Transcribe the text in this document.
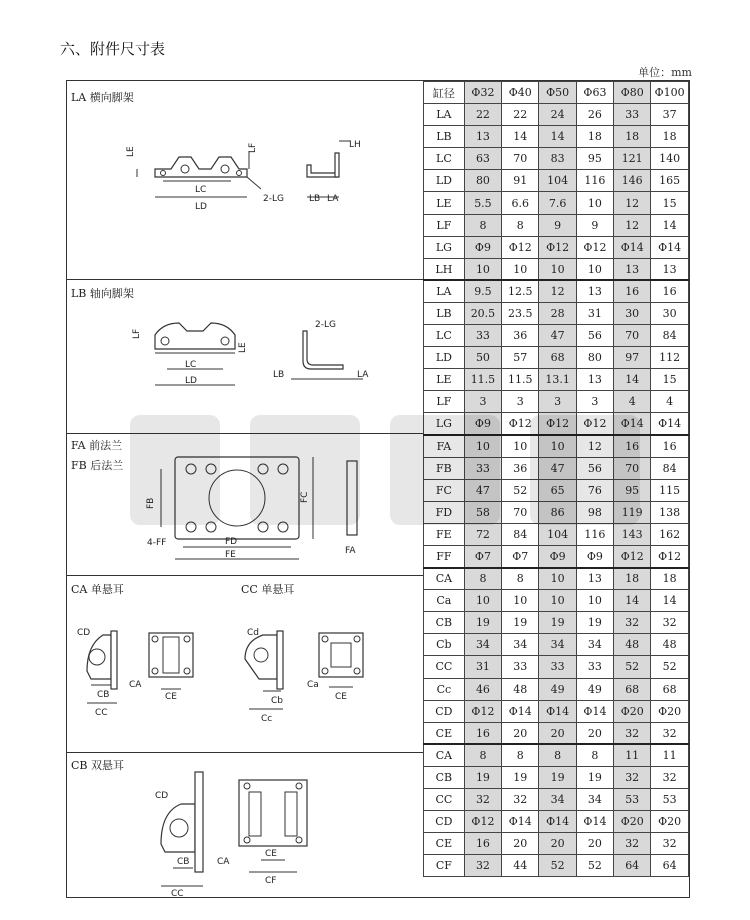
六、附件尺寸表
单位：mm
LA 横向脚架
LB 轴向脚架
FA 前法兰
FB 后法兰
CA 单悬耳	CC 单悬耳
CB 双悬耳
LE	LF	LH
LC
LD
2-LG	LB LA
LF
LE
2-LG
LC
LD
LB	LA
FB
FC
4-FF	FD
FE	FA
CD
CB
CA
CC
CE
Cd
Cb
Cc
Ca
CE
CD
CB
CC
CA
CE
CF
缸径	Φ32	Φ40	Φ50	Φ63	Φ80	Φ100
LA	22	22	24	26	33	37
LB	13	14	14	18	18	18
LC	63	70	83	95	121	140
LD	80	91	104	116	146	165
LE	5.5	6.6	7.6	10	12	15
LF	8	8	9	9	12	14
LG	Φ9	Φ12	Φ12	Φ12	Φ14	Φ14
LH	10	10	10	10	13	13
LA	9.5	12.5	12	13	16	16
LB	20.5	23.5	28	31	30	30
LC	33	36	47	56	70	84
LD	50	57	68	80	97	112
LE	11.5	11.5	13.1	13	14	15
LF	3	3	3	3	4	4
LG	Φ9	Φ12	Φ12	Φ12	Φ14	Φ14
FA	10	10	10	12	16	16
FB	33	36	47	56	70	84
FC	47	52	65	76	95	115
FD	58	70	86	98	119	138
FE	72	84	104	116	143	162
FF	Φ7	Φ7	Φ9	Φ9	Φ12	Φ12
CA	8	8	10	13	18	18
Ca	10	10	10	10	14	14
CB	19	19	19	19	32	32
Cb	34	34	34	34	48	48
CC	31	33	33	33	52	52
Cc	46	48	49	49	68	68
CD	Φ12	Φ14	Φ14	Φ14	Φ20	Φ20
CE	16	20	20	20	32	32
CA	8	8	8	8	11	11
CB	19	19	19	19	32	32
CC	32	32	34	34	53	53
CD	Φ12	Φ14	Φ14	Φ14	Φ20	Φ20
CE	16	20	20	20	32	32
CF	32	44	52	52	64	64
